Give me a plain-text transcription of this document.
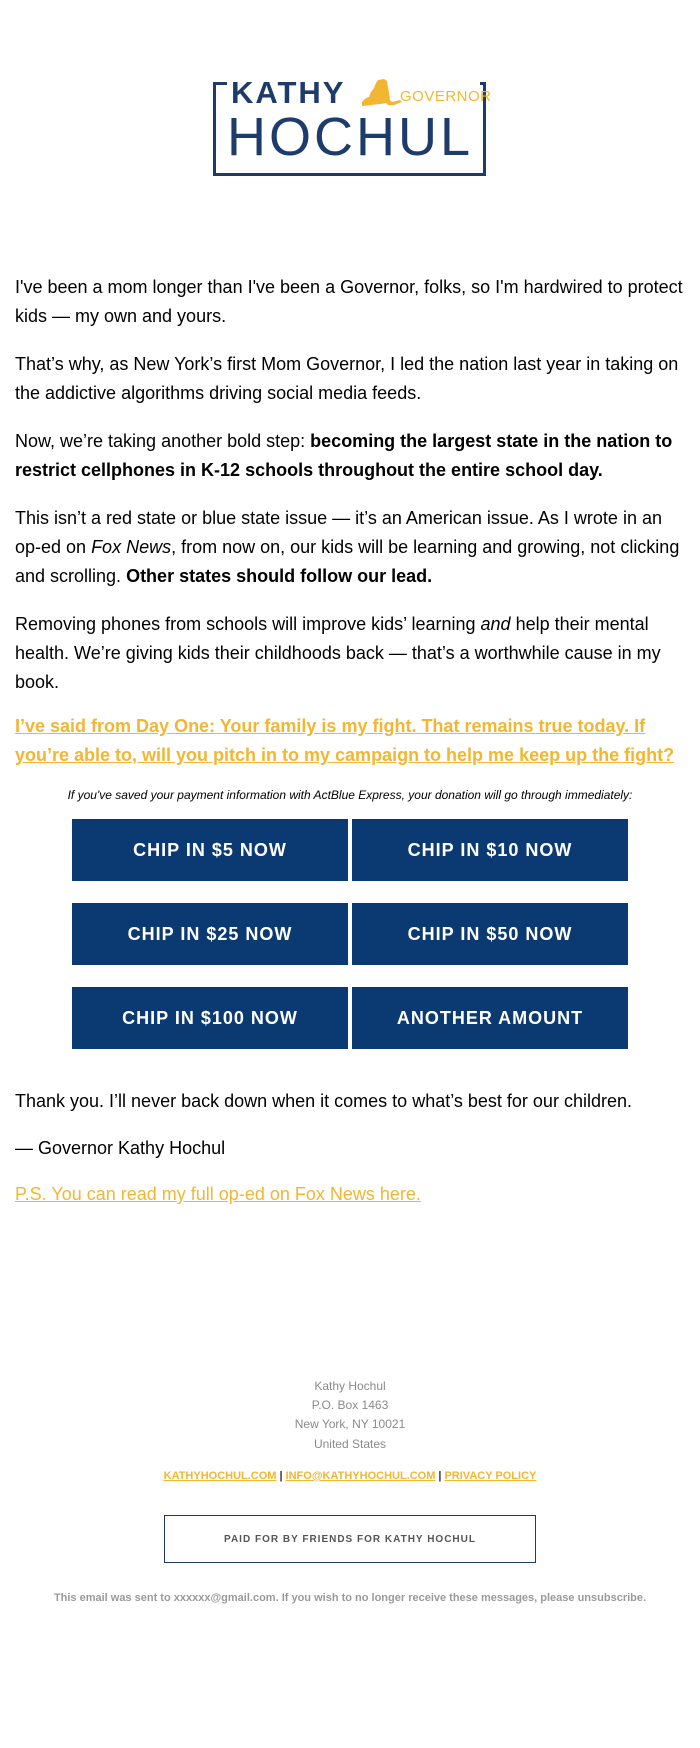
KATHY	GOVERNOR
HOCHUL

I've been a mom longer than I've been a Governor, folks, so I'm hardwired to protect kids — my own and yours.

That’s why, as New York’s first Mom Governor, I led the nation last year in taking on the addictive algorithms driving social media feeds.

Now, we’re taking another bold step: becoming the largest state in the nation to restrict cellphones in K-12 schools throughout the entire school day.

This isn’t a red state or blue state issue — it’s an American issue. As I wrote in an op-ed on Fox News, from now on, our kids will be learning and growing, not clicking and scrolling. Other states should follow our lead.

Removing phones from schools will improve kids’ learning and help their mental health. We’re giving kids their childhoods back — that’s a worthwhile cause in my book.

I’ve said from Day One: Your family is my fight. That remains true today. If you’re able to, will you pitch in to my campaign to help me keep up the fight?

If you've saved your payment information with ActBlue Express, your donation will go through immediately:
CHIP IN $5 NOW	CHIP IN $10 NOW
CHIP IN $25 NOW	CHIP IN $50 NOW
CHIP IN $100 NOW	ANOTHER AMOUNT

Thank you. I’ll never back down when it comes to what’s best for our children.

— Governor Kathy Hochul

P.S. You can read my full op-ed on Fox News here.

Kathy Hochul
P.O. Box 1463
New York, NY 10021
United States
KATHYHOCHUL.COM | INFO@KATHYHOCHUL.COM | PRIVACY POLICY
PAID FOR BY FRIENDS FOR KATHY HOCHUL
This email was sent to xxxxxx@gmail.com. If you wish to no longer receive these messages, please unsubscribe.
